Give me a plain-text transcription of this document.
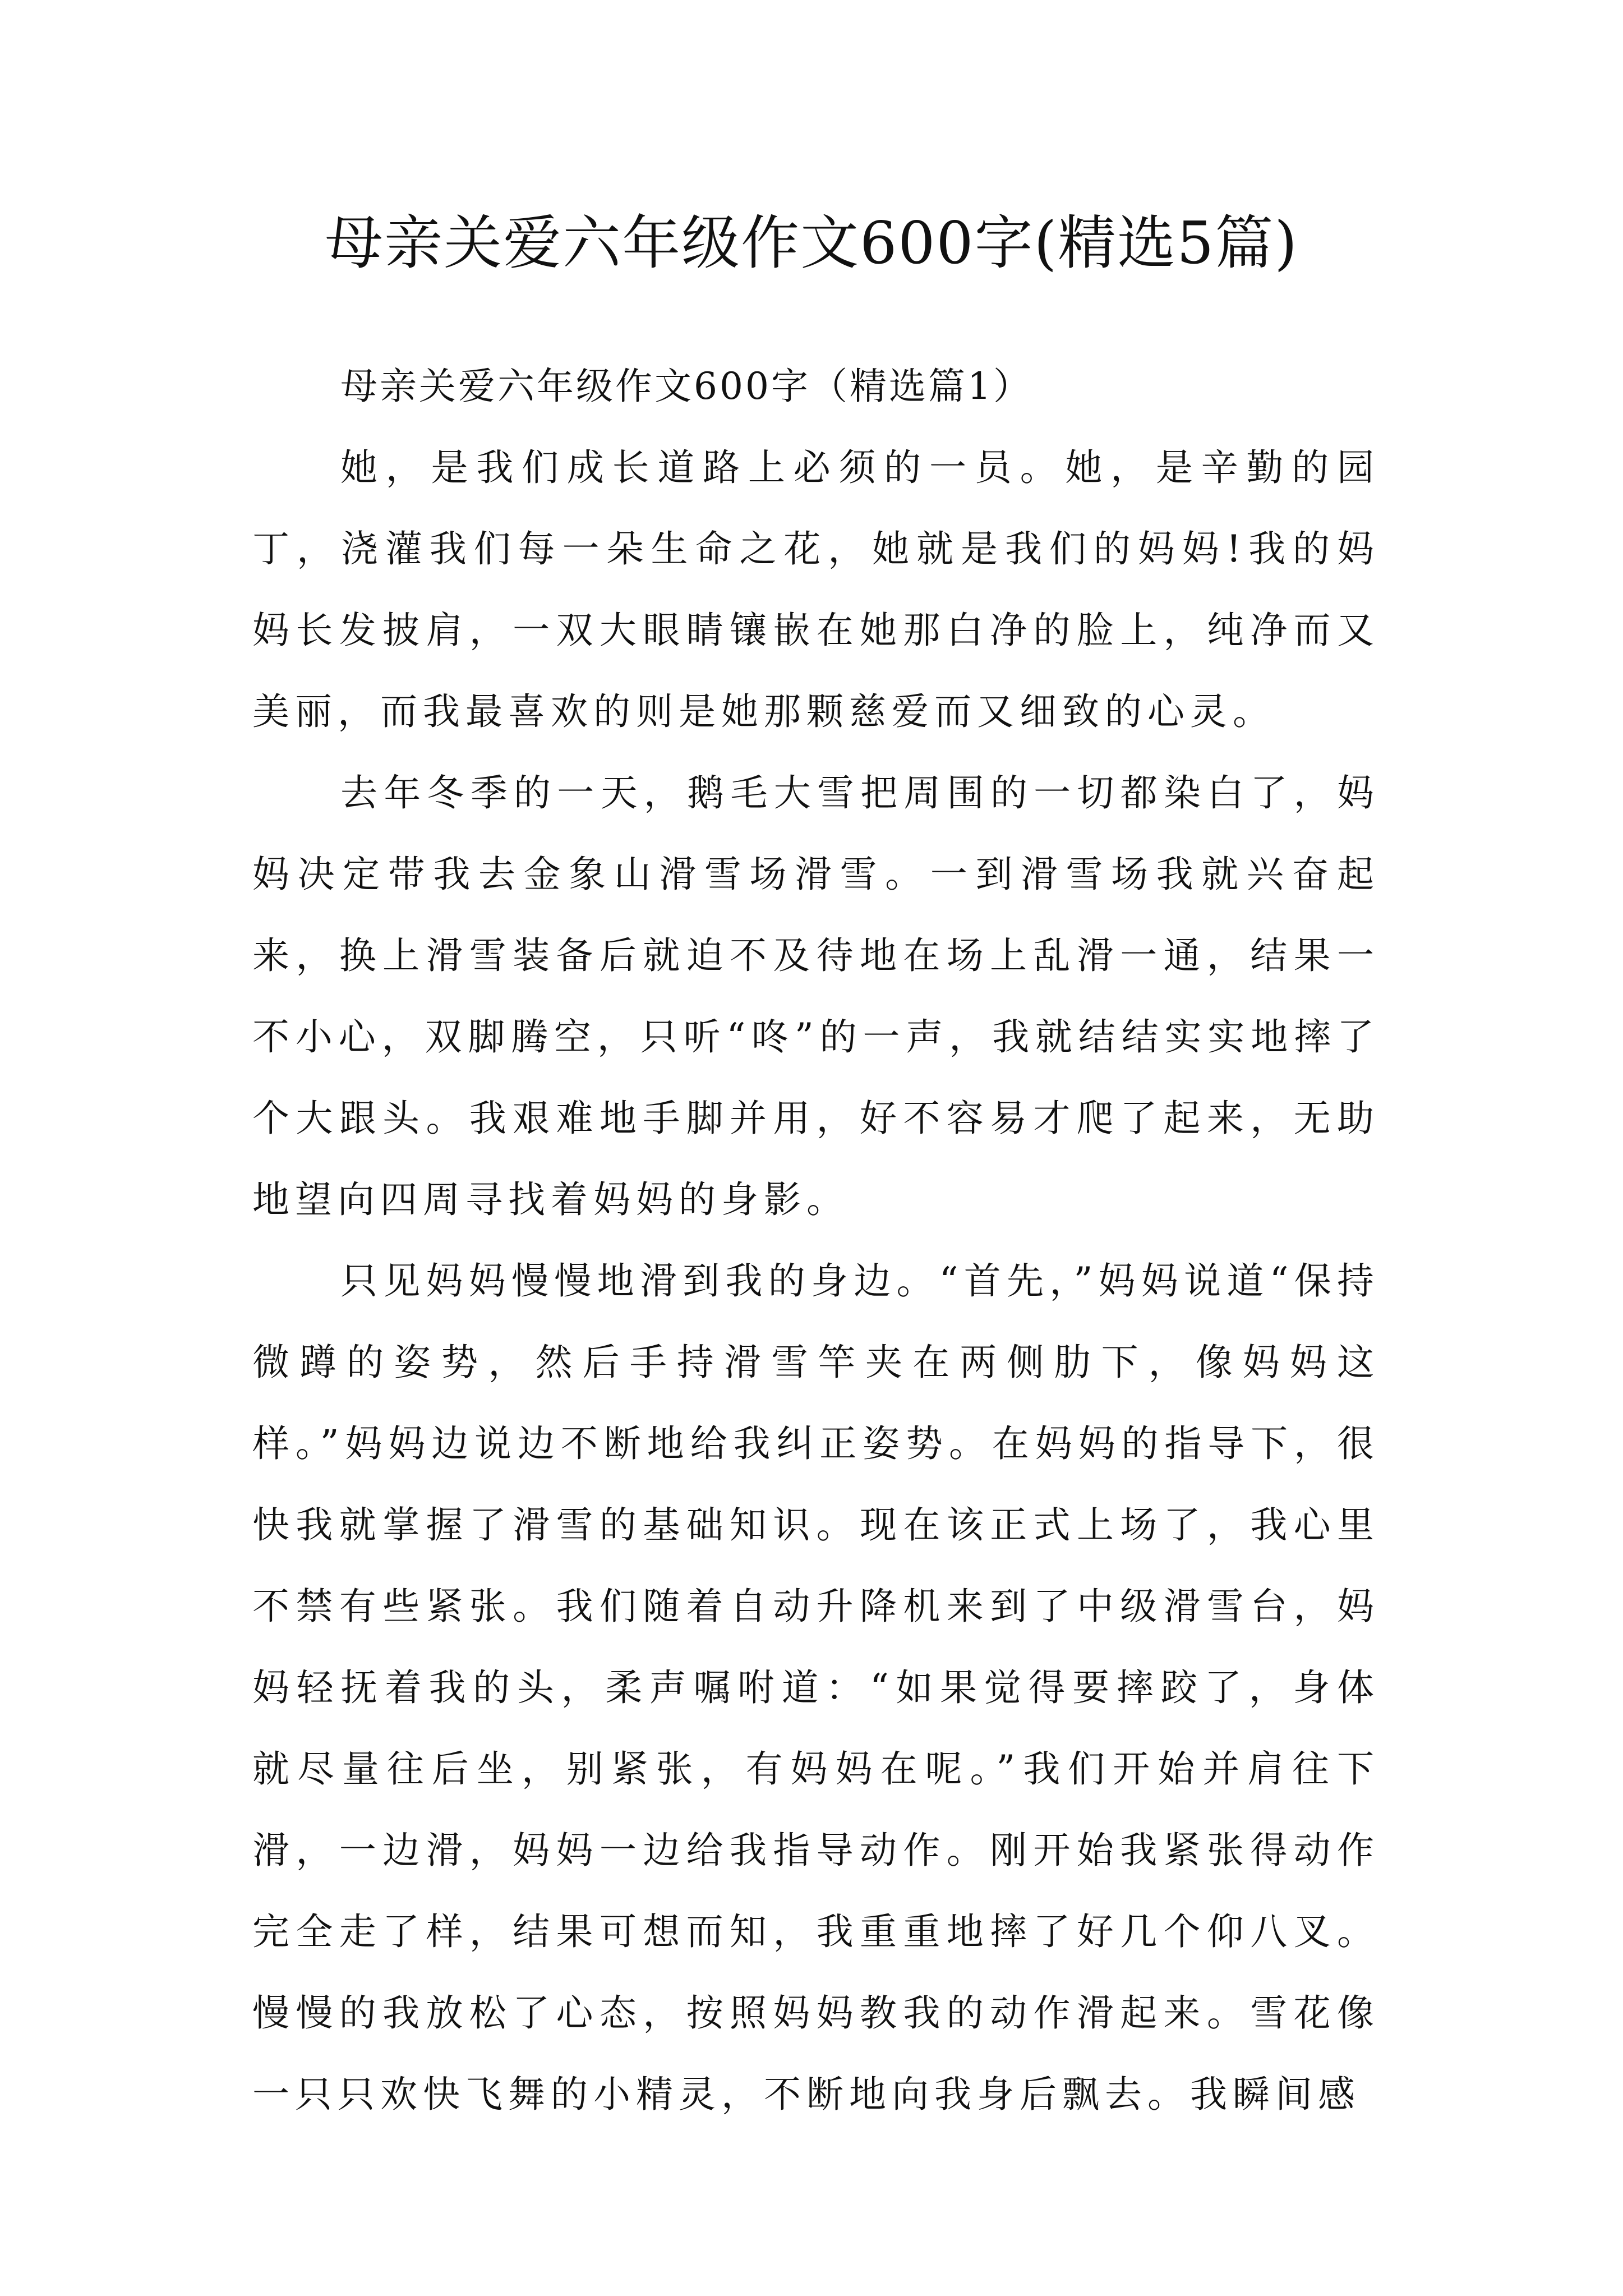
母亲关爱六年级作文600字(精选5篇)

母亲关爱六年级作文600字（精选篇1）

她，是我们成长道路上必须的一员。她，是辛勤的园丁，浇灌我们每一朵生命之花，她就是我们的妈妈!我的妈妈长发披肩，一双大眼睛镶嵌在她那白净的脸上，纯净而又美丽，而我最喜欢的则是她那颗慈爱而又细致的心灵。

去年冬季的一天，鹅毛大雪把周围的一切都染白了，妈妈决定带我去金象山滑雪场滑雪。一到滑雪场我就兴奋起来，换上滑雪装备后就迫不及待地在场上乱滑一通，结果一不小心，双脚腾空，只听“咚”的一声，我就结结实实地摔了个大跟头。我艰难地手脚并用，好不容易才爬了起来，无助地望向四周寻找着妈妈的身影。

只见妈妈慢慢地滑到我的身边。“首先，”妈妈说道“保持微蹲的姿势，然后手持滑雪竿夹在两侧肋下，像妈妈这样。”妈妈边说边不断地给我纠正姿势。在妈妈的指导下，很快我就掌握了滑雪的基础知识。现在该正式上场了，我心里不禁有些紧张。我们随着自动升降机来到了中级滑雪台，妈妈轻抚着我的头，柔声嘱咐道：“如果觉得要摔跤了，身体就尽量往后坐，别紧张，有妈妈在呢。”我们开始并肩往下滑，一边滑，妈妈一边给我指导动作。刚开始我紧张得动作完全走了样，结果可想而知，我重重地摔了好几个仰八叉。慢慢的我放松了心态，按照妈妈教我的动作滑起来。雪花像一只只欢快飞舞的小精灵，不断地向我身后飘去。我瞬间感
